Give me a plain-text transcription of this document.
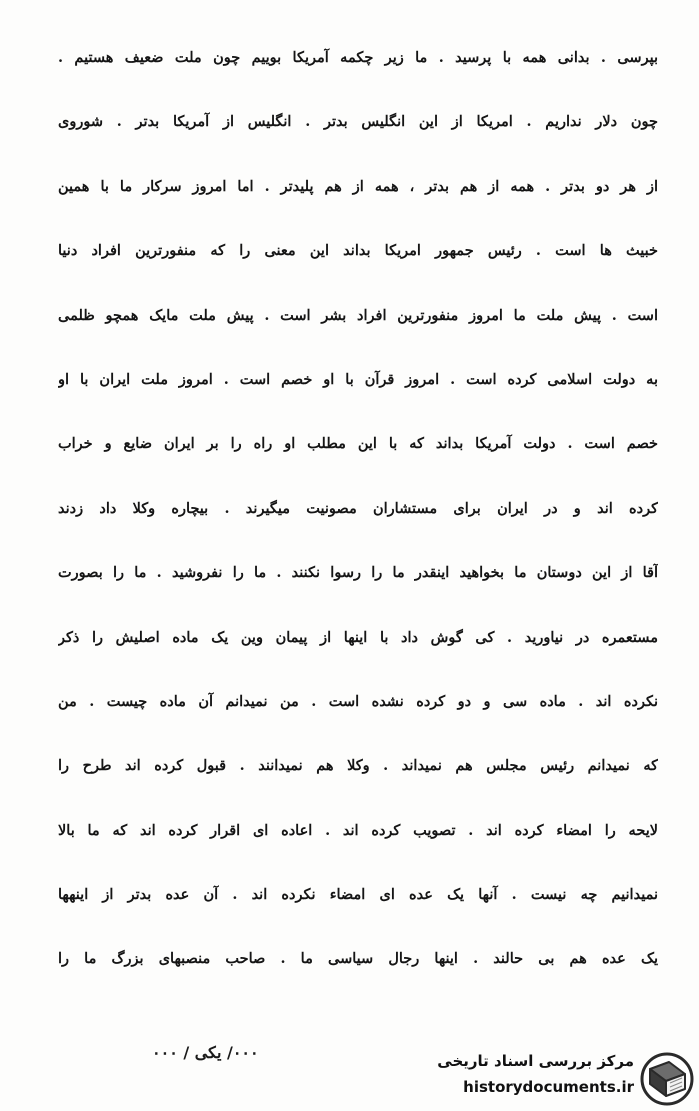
بپرسی . بدانی همه با پرسید . ما زیر چکمه آمریکا بوییم چون ملت ضعیف هستیم .
چون دلار نداریم . امریکا از این انگلیس بدتر . انگلیس از آمریکا بدتر . شوروی
از هر دو بدتر . همه از هم بدتر ، همه از هم پلیدتر . اما امروز سرکار ما با همین
خبیث ها است . رئیس جمهور امریکا بداند این معنی را که منفورترین افراد دنیا
است . پیش ملت ما امروز منفورترین افراد بشر است . پیش ملت مایک همچو ظلمی
به دولت اسلامی کرده است . امروز قرآن با او خصم است . امروز ملت ایران با او
خصم است . دولت آمریکا بداند که با این مطلب او راه را بر ایران ضایع و خراب
کرده اند و در ایران برای مستشاران مصونیت میگیرند . بیچاره وکلا داد زدند
آقا از این دوستان ما بخواهید اینقدر ما را رسوا نکنند . ما را نفروشید . ما را بصورت
مستعمره در نیاورید . کی گوش داد با اینها از پیمان وین یک ماده اصلیش را ذکر
نکرده اند . ماده سی و دو کرده نشده است . من نمیدانم آن ماده چیست . من
که نمیدانم رئیس مجلس هم نمیداند . وکلا هم نمیدانند . قبول کرده اند طرح را
لایحه را امضاء کرده اند . تصویب کرده اند . اعاده ای اقرار کرده اند که ما بالا
نمیدانیم چه نیست . آنها یک عده ای امضاء نکرده اند . آن عده بدتر از اینهها
یک عده هم بی حالند . اینها رجال سیاسی ما . صاحب منصبهای بزرگ ما را
۰۰۰/ یکی / ۰۰۰	مرکز بررسی اسناد تاریخی
historydocuments.ir
